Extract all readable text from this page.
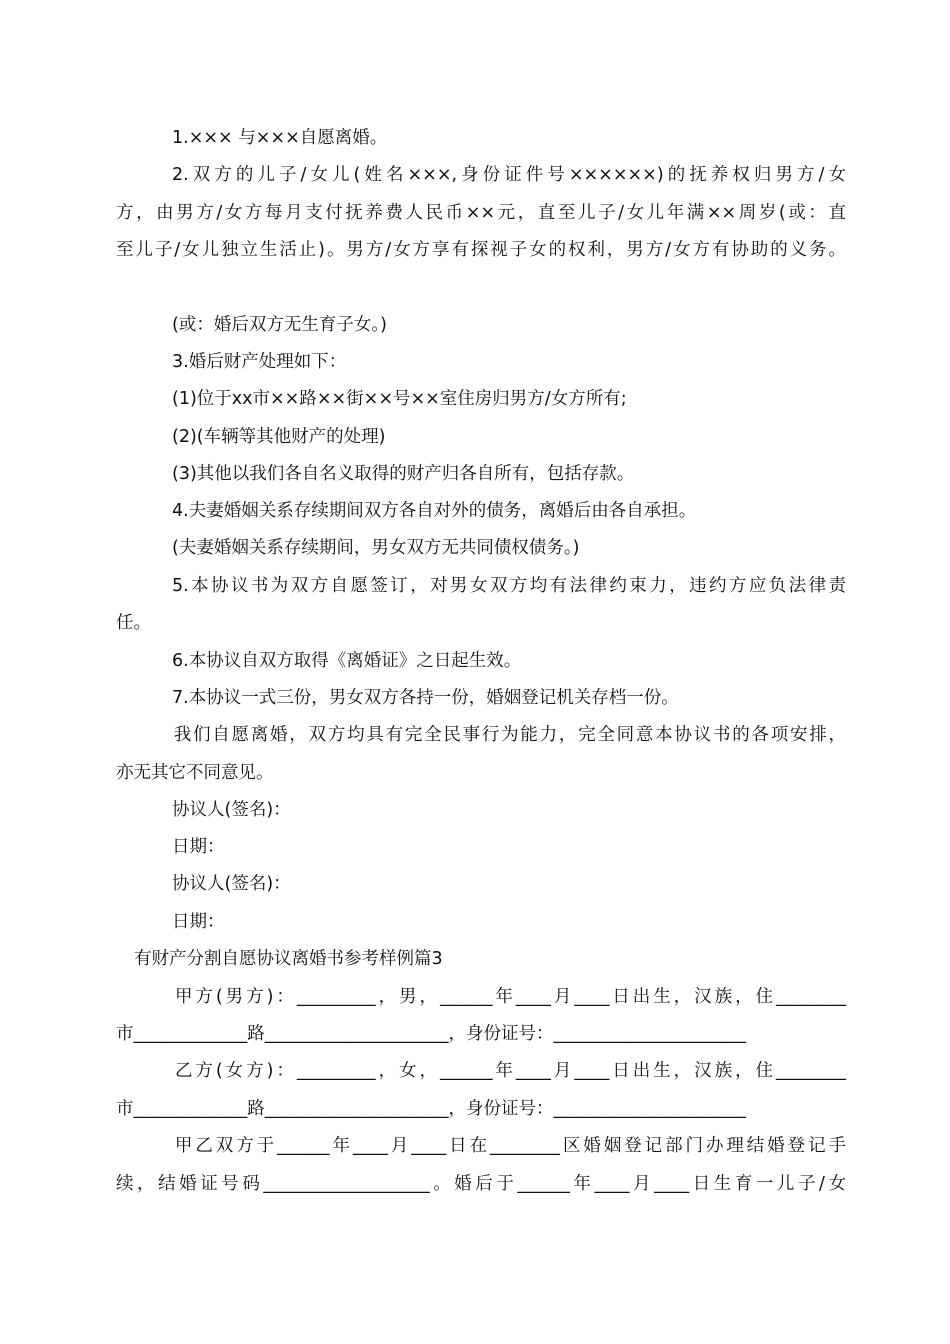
1.××× 与×××自愿离婚。

2.双方的儿子/女儿(姓名×××,身份证件号××××××)的抚养权归男方/女

方，由男方/女方每月支付抚养费人民币××元，直至儿子/女儿年满××周岁(或：直

至儿子/女儿独立生活止)。男方/女方享有探视子女的权利，男方/女方有协助的义务。

(或：婚后双方无生育子女。)

3.婚后财产处理如下：

(1)位于xx市××路××街××号××室住房归男方/女方所有;

(2)(车辆等其他财产的处理)

(3)其他以我们各自名义取得的财产归各自所有，包括存款。

4.夫妻婚姻关系存续期间双方各自对外的债务，离婚后由各自承担。

(夫妻婚姻关系存续期间，男女双方无共同债权债务。)

5.本协议书为双方自愿签订，对男女双方均有法律约束力，违约方应负法律责

任。

6.本协议自双方取得《离婚证》之日起生效。

7.本协议一式三份，男女双方各持一份，婚姻登记机关存档一份。

我们自愿离婚，双方均具有完全民事行为能力，完全同意本协议书的各项安排，

亦无其它不同意见。

协议人(签名)：

日期：

协议人(签名)：

日期：

有财产分割自愿协议离婚书参考样例篇3

甲方(男方)：_________，男，______年____月____日出生，汉族，住________

市_____________路_____________________，身份证号：______________________

乙方(女方)：_________，女，______年____月____日出生，汉族，住________

市_____________路_____________________，身份证号：______________________

甲乙双方于______年____月____日在________区婚姻登记部门办理结婚登记手

续，结婚证号码___________________。婚后于______年____月____日生育一儿子/女
